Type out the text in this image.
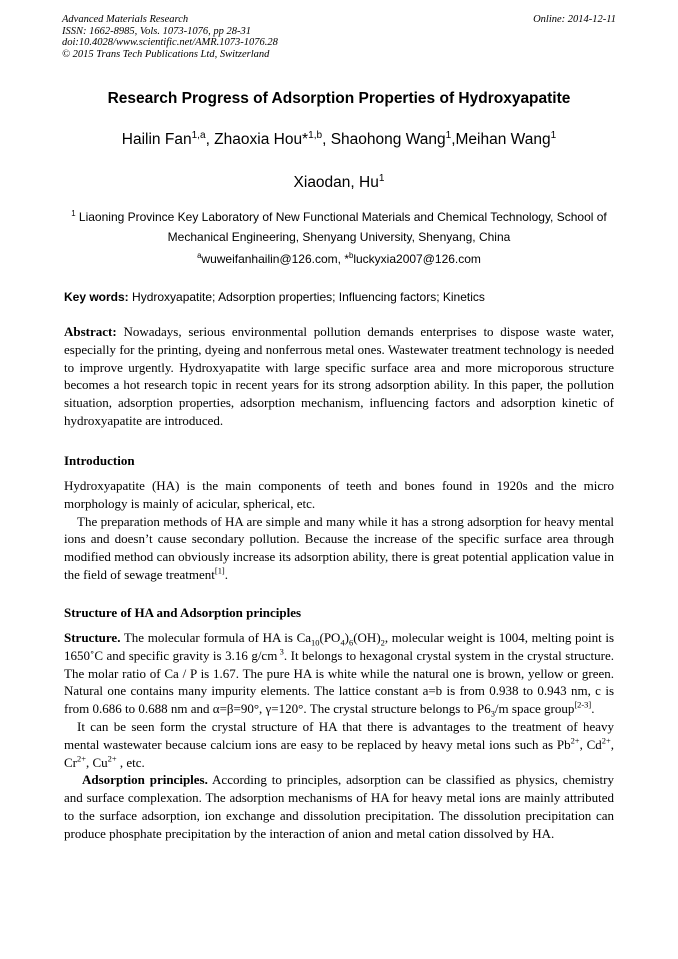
Advanced Materials Research
ISSN: 1662-8985, Vols. 1073-1076, pp 28-31
doi:10.4028/www.scientific.net/AMR.1073-1076.28
© 2015 Trans Tech Publications Ltd, Switzerland
Online: 2014-12-11
Research Progress of Adsorption Properties of Hydroxyapatite
Hailin Fan$^{1,a}$, Zhaoxia Hou*$^{1,b}$, Shaohong Wang$^1$,Meihan Wang$^1$
Xiaodan, Hu$^1$
$^1$ Liaoning Province Key Laboratory of New Functional Materials and Chemical Technology, School of Mechanical Engineering, Shenyang University, Shenyang, China
$^a$wuweifanhailin@126.com, *$^b$luckyxia2007@126.com
Key words: Hydroxyapatite; Adsorption properties; Influencing factors; Kinetics

Abstract: Nowadays, serious environmental pollution demands enterprises to dispose waste water, especially for the printing, dyeing and nonferrous metal ones. Wastewater treatment technology is needed to improve urgently. Hydroxyapatite with large specific surface area and more microporous structure becomes a hot research topic in recent years for its strong adsorption ability. In this paper, the pollution situation, adsorption properties, adsorption mechanism, influencing factors and adsorption kinetic of hydroxyapatite are introduced.

Introduction

Hydroxyapatite (HA) is the main components of teeth and bones found in 1920s and the micro morphology is mainly of acicular, spherical, etc.

The preparation methods of HA are simple and many while it has a strong adsorption for heavy mental ions and doesn’t cause secondary pollution. Because the increase of the specific surface area through modified method can obviously increase its adsorption ability, there is great potential application value in the field of sewage treatment[1].

Structure of HA and Adsorption principles

Structure. The molecular formula of HA is $Ca_{10}(PO_4)_6(OH)_2$, molecular weight is 1004, melting point is 1650˚C and specific gravity is 3.16 g/cm $^3$. It belongs to hexagonal crystal system in the crystal structure. The molar ratio of Ca / P is 1.67. The pure HA is white while the natural one is brown, yellow or green. Natural one contains many impurity elements. The lattice constant a=b is from 0.938 to 0.943 nm, c is from 0.686 to 0.688 nm and α=β=90°, γ=120°. The crystal structure belongs to $P6_3/m$ space group[2-3].

It can be seen form the crystal structure of HA that there is advantages to the treatment of heavy mental wastewater because calcium ions are easy to be replaced by heavy metal ions such as $Pb^{2+}$, $Cd^{2+}$, $Cr^{2+}$, $Cu^{2+}$ , etc.

Adsorption principles. According to principles, adsorption can be classified as physics, chemistry and surface complexation. The adsorption mechanisms of HA for heavy metal ions are mainly attributed to the surface adsorption, ion exchange and dissolution precipitation. The dissolution precipitation can produce phosphate precipitation by the interaction of anion and metal cation dissolved by HA.
